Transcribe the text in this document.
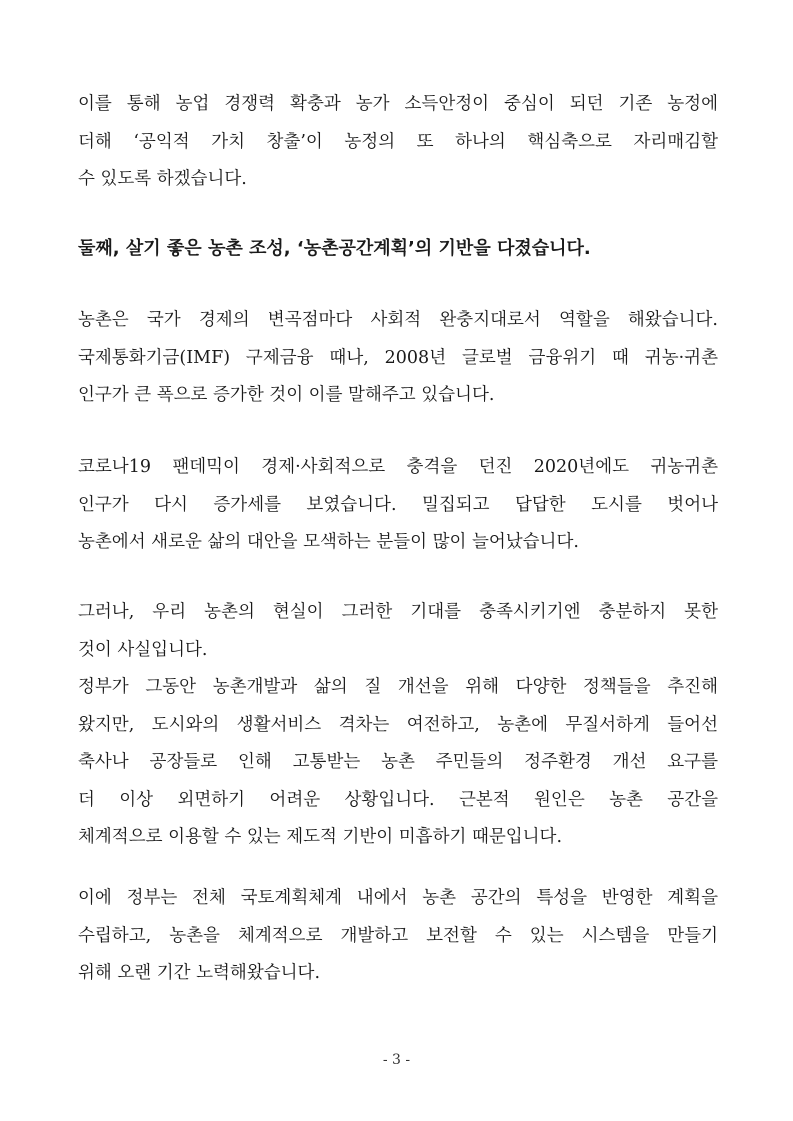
이를 통해 농업 경쟁력 확충과 농가 소득안정이 중심이 되던 기존 농정에
더해 ‘공익적 가치 창출’이 농정의 또 하나의 핵심축으로 자리매김할
수 있도록 하겠습니다.

둘째, 살기 좋은 농촌 조성, ‘농촌공간계획’의 기반을 다졌습니다.

농촌은 국가 경제의 변곡점마다 사회적 완충지대로서 역할을 해왔습니다.
국제통화기금(IMF) 구제금융 때나, 2008년 글로벌 금융위기 때 귀농·귀촌
인구가 큰 폭으로 증가한 것이 이를 말해주고 있습니다.

코로나19 팬데믹이 경제·사회적으로 충격을 던진 2020년에도 귀농귀촌
인구가 다시 증가세를 보였습니다. 밀집되고 답답한 도시를 벗어나
농촌에서 새로운 삶의 대안을 모색하는 분들이 많이 늘어났습니다.

그러나, 우리 농촌의 현실이 그러한 기대를 충족시키기엔 충분하지 못한
것이 사실입니다.
정부가 그동안 농촌개발과 삶의 질 개선을 위해 다양한 정책들을 추진해
왔지만, 도시와의 생활서비스 격차는 여전하고, 농촌에 무질서하게 들어선
축사나 공장들로 인해 고통받는 농촌 주민들의 정주환경 개선 요구를
더 이상 외면하기 어려운 상황입니다. 근본적 원인은 농촌 공간을
체계적으로 이용할 수 있는 제도적 기반이 미흡하기 때문입니다.

이에 정부는 전체 국토계획체계 내에서 농촌 공간의 특성을 반영한 계획을
수립하고, 농촌을 체계적으로 개발하고 보전할 수 있는 시스템을 만들기
위해 오랜 기간 노력해왔습니다.

- 3 -
